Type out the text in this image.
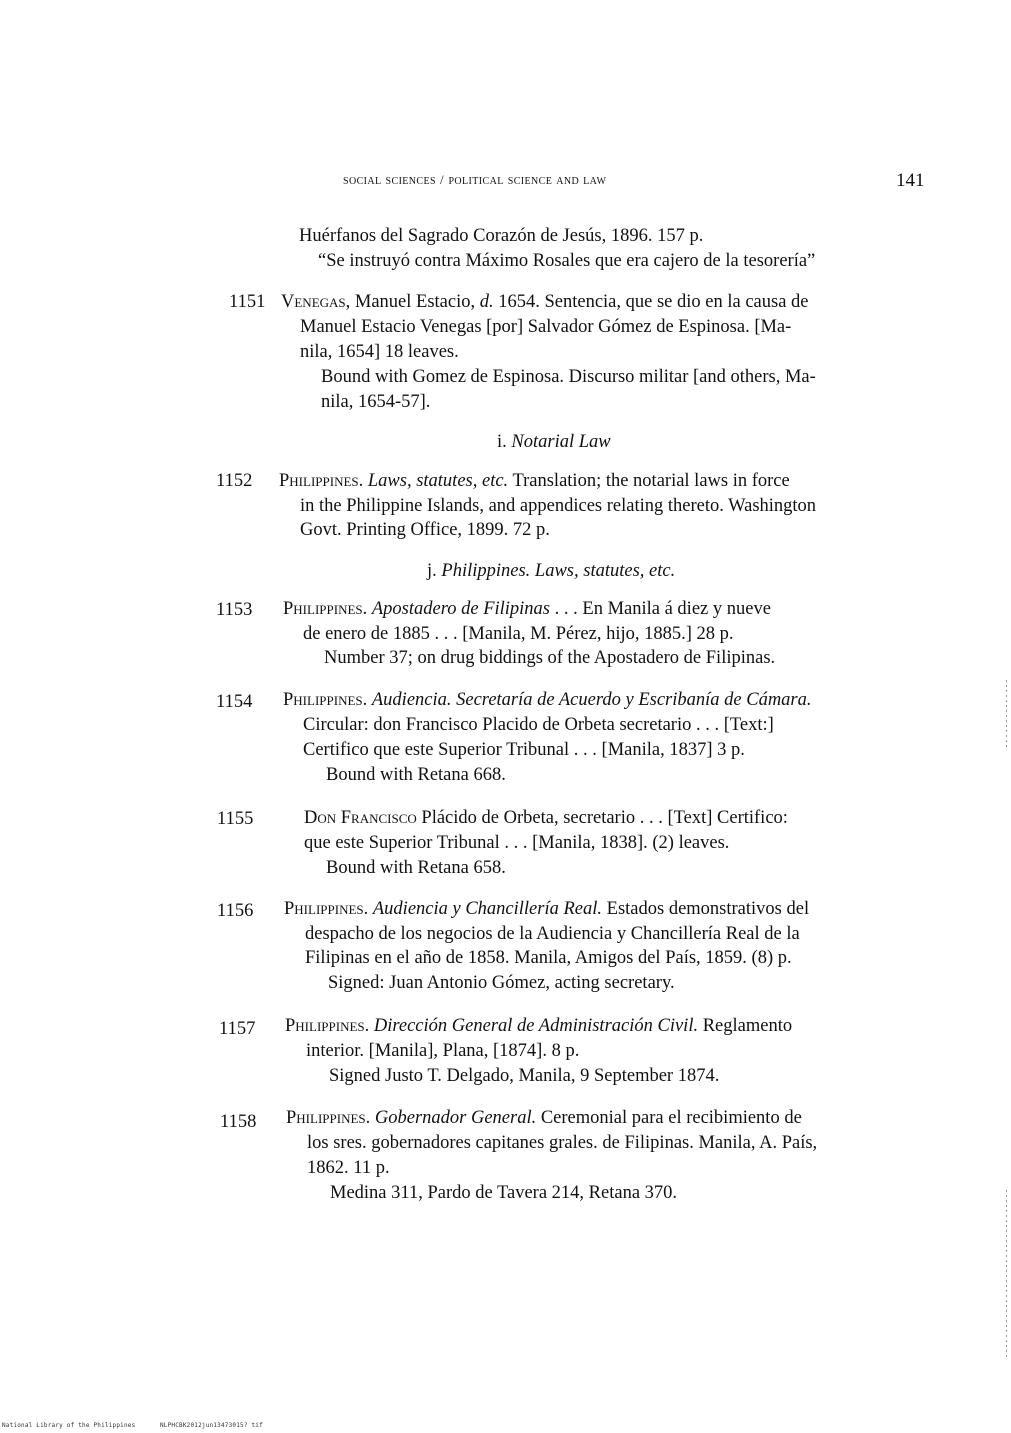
social sciences / political science and law	141
Huérfanos del Sagrado Corazón de Jesús, 1896. 157 p.
“Se instruyó contra Máximo Rosales que era cajero de la tesorería”
1151 Venegas, Manuel Estacio, d. 1654. Sentencia, que se dio en la causa de
Manuel Estacio Venegas [por] Salvador Gómez de Espinosa. [Ma-
nila, 1654] 18 leaves.
Bound with Gomez de Espinosa. Discurso militar [and others, Ma-
nila, 1654-57].
i. Notarial Law
1152 Philippines. Laws, statutes, etc. Translation; the notarial laws in force
in the Philippine Islands, and appendices relating thereto. Washington
Govt. Printing Office, 1899. 72 p.
j. Philippines. Laws, statutes, etc.
1153 Philippines. Apostadero de Filipinas . . . En Manila á diez y nueve
de enero de 1885 . . . [Manila, M. Pérez, hijo, 1885.] 28 p.
Number 37; on drug biddings of the Apostadero de Filipinas.
1154 Philippines. Audiencia. Secretaría de Acuerdo y Escribanía de Cámara.
Circular: don Francisco Placido de Orbeta secretario . . . [Text:]
Certifico que este Superior Tribunal . . . [Manila, 1837] 3 p.
Bound with Retana 668.
1155	Don Francisco Plácido de Orbeta, secretario . . . [Text] Certifico:
que este Superior Tribunal . . . [Manila, 1838]. (2) leaves.
Bound with Retana 658.
1156 Philippines. Audiencia y Chancillería Real. Estados demonstrativos del
despacho de los negocios de la Audiencia y Chancillería Real de la
Filipinas en el año de 1858. Manila, Amigos del País, 1859. (8) p.
Signed: Juan Antonio Gómez, acting secretary.
1157 Philippines. Dirección General de Administración Civil. Reglamento
interior. [Manila], Plana, [1874]. 8 p.
Signed Justo T. Delgado, Manila, 9 September 1874.
1158 Philippines. Gobernador General. Ceremonial para el recibimiento de
los sres. gobernadores capitanes grales. de Filipinas. Manila, A. País,
1862. 11 p.
Medina 311, Pardo de Tavera 214, Retana 370.
National Library of the Philippines	NLPHCBK2012jun13473015? tif
